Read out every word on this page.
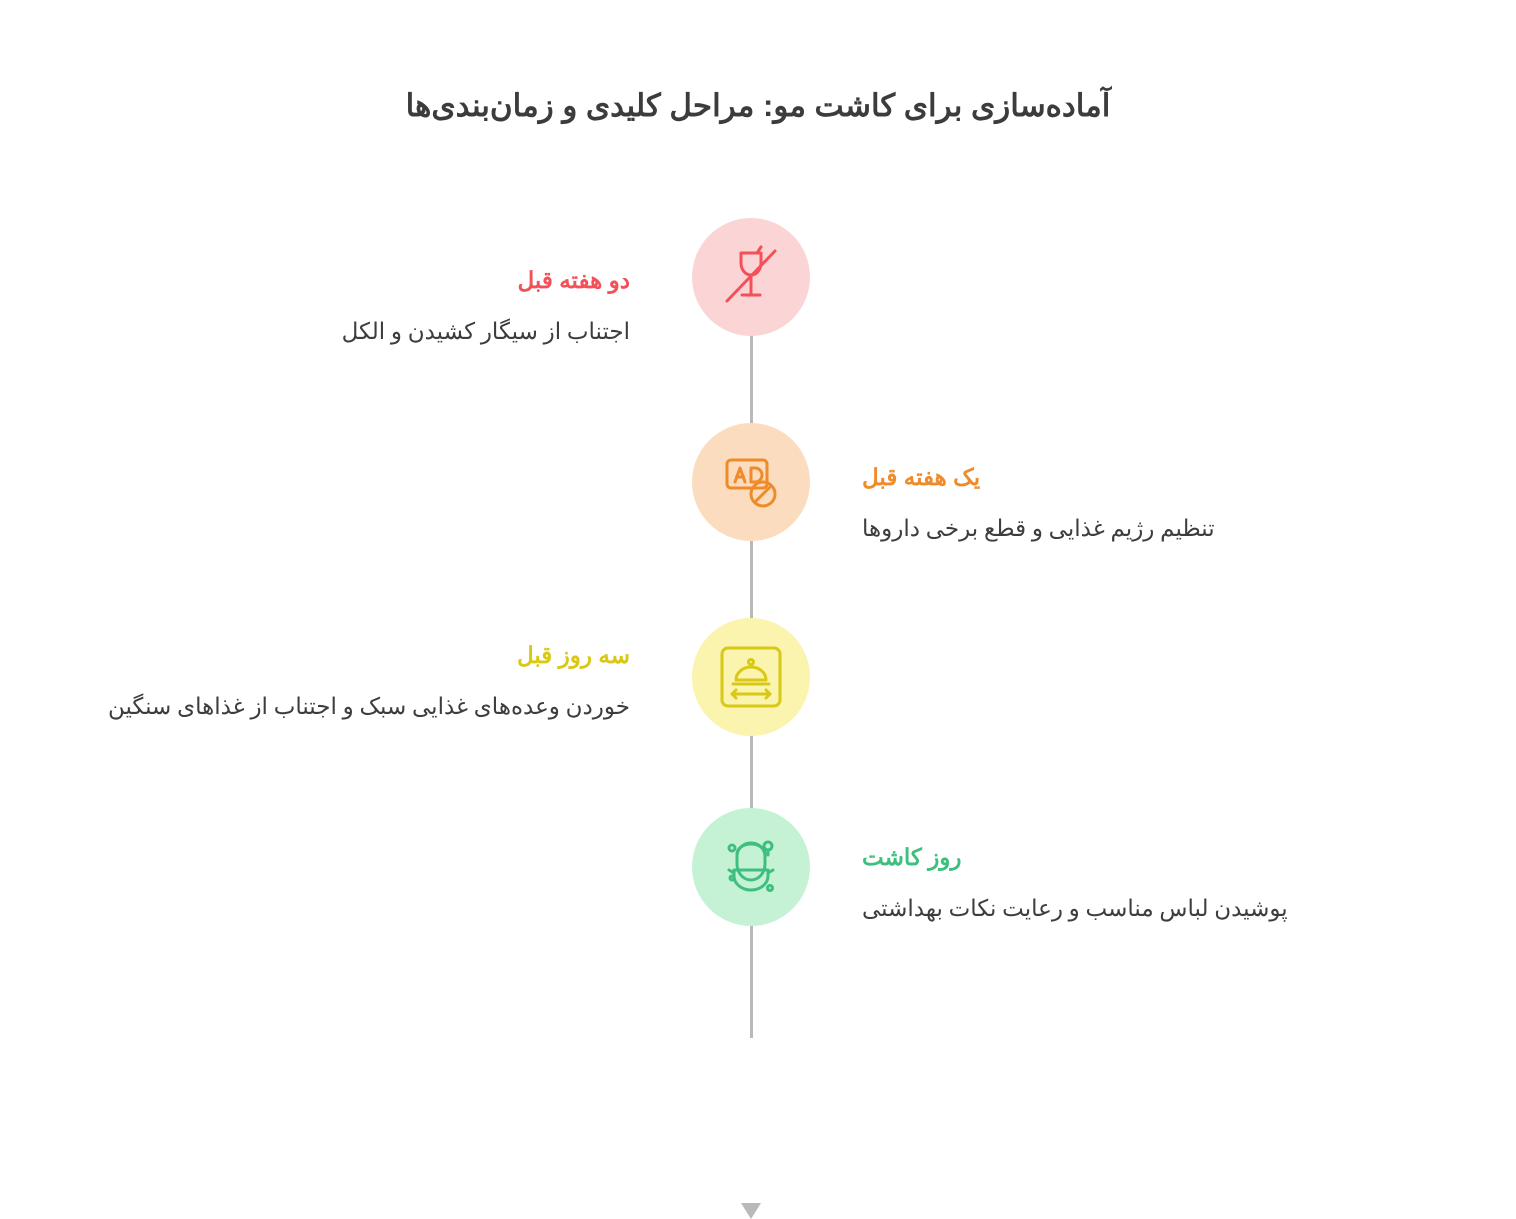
آماده‌سازی برای کاشت مو: مراحل کلیدی و زمان‌بندی‌ها
دو هفته قبل
اجتناب از سیگار کشیدن و الکل
یک هفته قبل
تنظیم رژیم غذایی و قطع برخی داروها
سه روز قبل
خوردن وعده‌های غذایی سبک و اجتناب از غذاهای سنگین
روز کاشت
پوشیدن لباس مناسب و رعایت نکات بهداشتی
